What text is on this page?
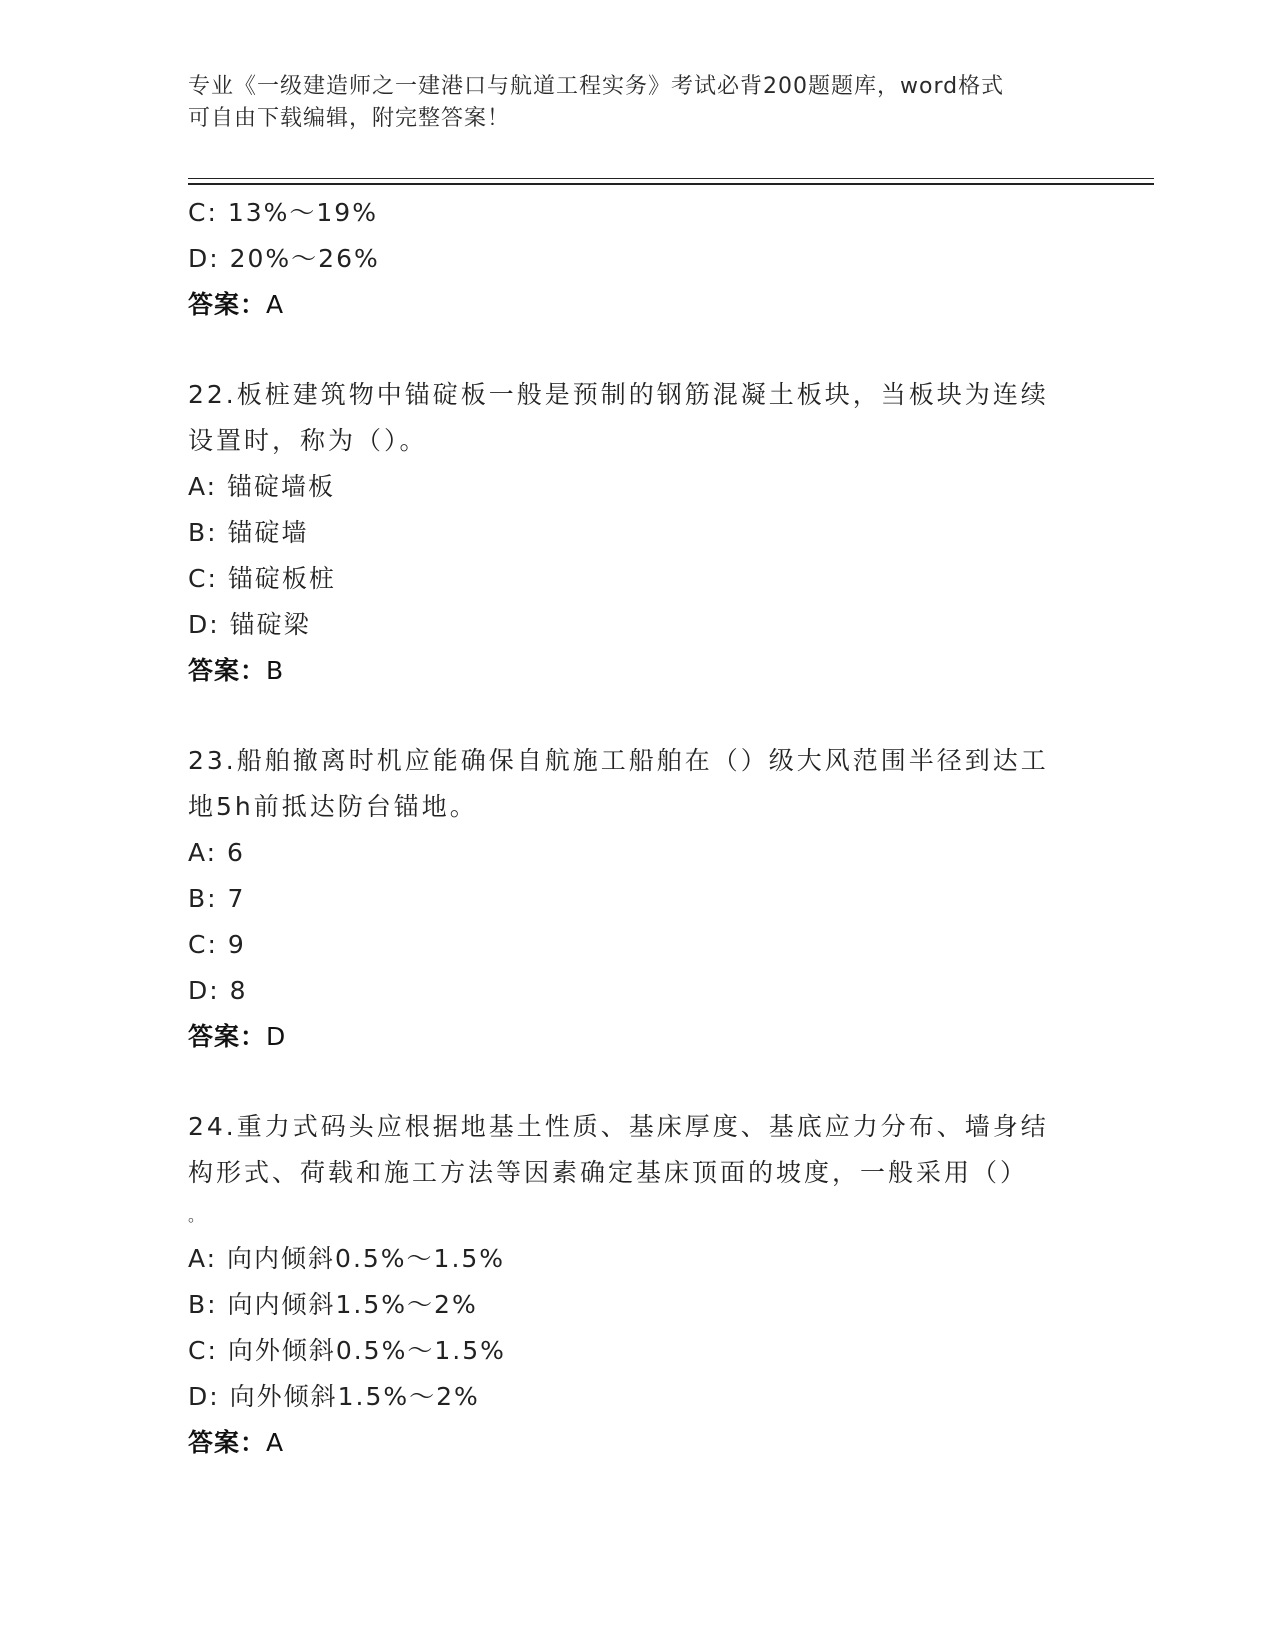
专业《一级建造师之一建港口与航道工程实务》考试必背200题题库，word格式
可自由下载编辑，附完整答案！
C: 13%～19%
D: 20%～26%
答案：A
22.板桩建筑物中锚碇板一般是预制的钢筋混凝土板块，当板块为连续
设置时，称为（）。
A: 锚碇墙板
B: 锚碇墙
C: 锚碇板桩
D: 锚碇梁
答案：B
23.船舶撤离时机应能确保自航施工船舶在（）级大风范围半径到达工
地5h前抵达防台锚地。
A: 6
B: 7
C: 9
D: 8
答案：D
24.重力式码头应根据地基土性质、基床厚度、基底应力分布、墙身结
构形式、荷载和施工方法等因素确定基床顶面的坡度，一般采用（）
。
A: 向内倾斜0.5%～1.5%
B: 向内倾斜1.5%～2%
C: 向外倾斜0.5%～1.5%
D: 向外倾斜1.5%～2%
答案：A
